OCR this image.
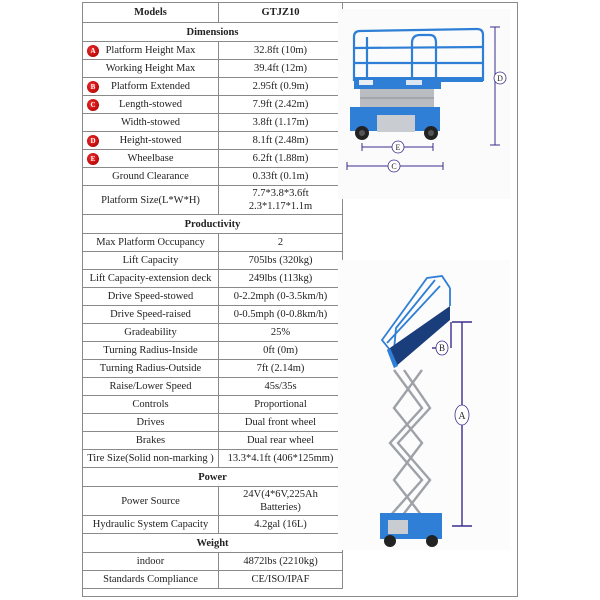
Models	GTJZ10
Dimensions	

A Platform Height Max	32.8ft (10m)

Working Height Max	39.4ft (12m)

B Platform Extended	2.95ft (0.9m)

C Length-stowed	7.9ft (2.42m)

Width-stowed	3.8ft (1.17m)

D Height-stowed	8.1ft (2.48m)

E Wheelbase	6.2ft (1.88m)

Ground Clearance	0.33ft (0.1m)

Platform Size(L*W*H)	7.7*3.8*3.6ft
2.3*1.17*1.1m

Productivity	
Max Platform Occupancy	2

Lift Capacity	705lbs (320kg)

Lift Capacity-extension deck	249lbs (113kg)

Drive Speed-stowed	0-2.2mph (0-3.5km/h)

Drive Speed-raised	0-0.5mph (0-0.8km/h)

Gradeability	25%

Turning Radius-Inside	0ft (0m)

Turning Radius-Outside	7ft (2.14m)

Raise/Lower Speed	45s/35s

Controls	Proportional

Drives	Dual front wheel

Brakes	Dual rear wheel

Tire Size(Solid non-marking )	13.3*4.1ft (406*125mm)

Power	
Power Source	24V(4*6V,225Ah
Batteries)

Hydraulic System Capacity	4.2gal (16L)

Weight	
indoor	4872lbs (2210kg)

Standards Compliance	CE/ISO/IPAF
D
E
C
A
B
